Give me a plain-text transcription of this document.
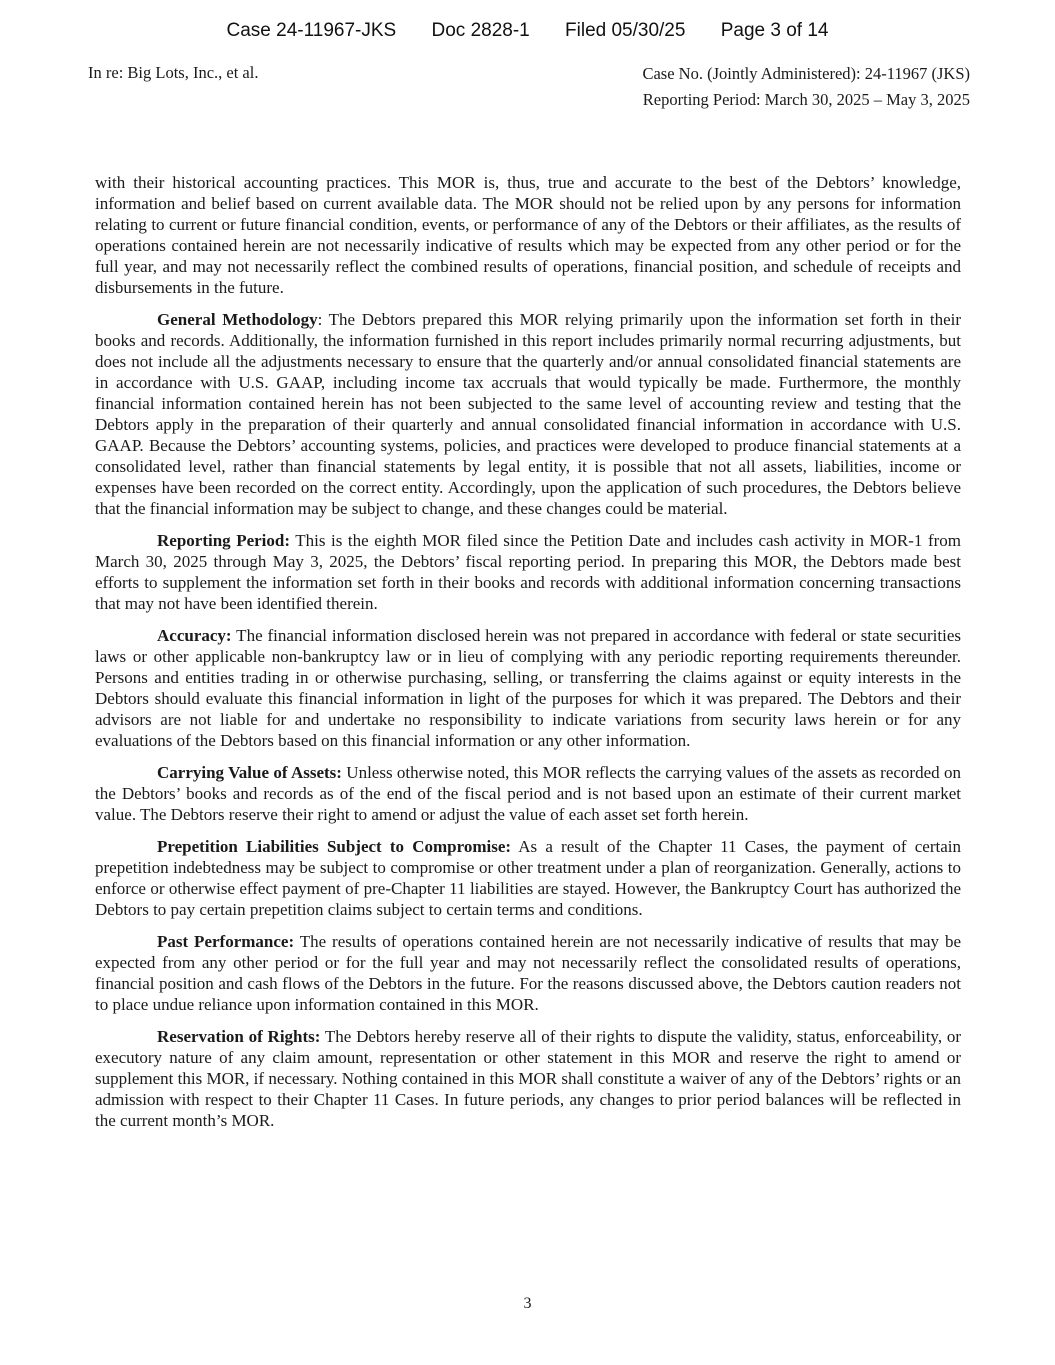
Case 24-11967-JKS Doc 2828-1 Filed 05/30/25 Page 3 of 14
In re: Big Lots, Inc., et al.	Case No. (Jointly Administered): 24-11967 (JKS)
Reporting Period: March 30, 2025 – May 3, 2025

with their historical accounting practices. This MOR is, thus, true and accurate to the best of the Debtors’ knowledge, information and belief based on current available data. The MOR should not be relied upon by any persons for information relating to current or future financial condition, events, or performance of any of the Debtors or their affiliates, as the results of operations contained herein are not necessarily indicative of results which may be expected from any other period or for the full year, and may not necessarily reflect the combined results of operations, financial position, and schedule of receipts and disbursements in the future.

General Methodology: The Debtors prepared this MOR relying primarily upon the information set forth in their books and records. Additionally, the information furnished in this report includes primarily normal recurring adjustments, but does not include all the adjustments necessary to ensure that the quarterly and/or annual consolidated financial statements are in accordance with U.S. GAAP, including income tax accruals that would typically be made. Furthermore, the monthly financial information contained herein has not been subjected to the same level of accounting review and testing that the Debtors apply in the preparation of their quarterly and annual consolidated financial information in accordance with U.S. GAAP. Because the Debtors’ accounting systems, policies, and practices were developed to produce financial statements at a consolidated level, rather than financial statements by legal entity, it is possible that not all assets, liabilities, income or expenses have been recorded on the correct entity. Accordingly, upon the application of such procedures, the Debtors believe that the financial information may be subject to change, and these changes could be material.

Reporting Period: This is the eighth MOR filed since the Petition Date and includes cash activity in MOR-1 from March 30, 2025 through May 3, 2025, the Debtors’ fiscal reporting period. In preparing this MOR, the Debtors made best efforts to supplement the information set forth in their books and records with additional information concerning transactions that may not have been identified therein.

Accuracy: The financial information disclosed herein was not prepared in accordance with federal or state securities laws or other applicable non-bankruptcy law or in lieu of complying with any periodic reporting requirements thereunder. Persons and entities trading in or otherwise purchasing, selling, or transferring the claims against or equity interests in the Debtors should evaluate this financial information in light of the purposes for which it was prepared. The Debtors and their advisors are not liable for and undertake no responsibility to indicate variations from security laws herein or for any evaluations of the Debtors based on this financial information or any other information.

Carrying Value of Assets: Unless otherwise noted, this MOR reflects the carrying values of the assets as recorded on the Debtors’ books and records as of the end of the fiscal period and is not based upon an estimate of their current market value. The Debtors reserve their right to amend or adjust the value of each asset set forth herein.

Prepetition Liabilities Subject to Compromise: As a result of the Chapter 11 Cases, the payment of certain prepetition indebtedness may be subject to compromise or other treatment under a plan of reorganization. Generally, actions to enforce or otherwise effect payment of pre-Chapter 11 liabilities are stayed. However, the Bankruptcy Court has authorized the Debtors to pay certain prepetition claims subject to certain terms and conditions.

Past Performance: The results of operations contained herein are not necessarily indicative of results that may be expected from any other period or for the full year and may not necessarily reflect the consolidated results of operations, financial position and cash flows of the Debtors in the future. For the reasons discussed above, the Debtors caution readers not to place undue reliance upon information contained in this MOR.

Reservation of Rights: The Debtors hereby reserve all of their rights to dispute the validity, status, enforceability, or executory nature of any claim amount, representation or other statement in this MOR and reserve the right to amend or supplement this MOR, if necessary. Nothing contained in this MOR shall constitute a waiver of any of the Debtors’ rights or an admission with respect to their Chapter 11 Cases. In future periods, any changes to prior period balances will be reflected in the current month’s MOR.

3
